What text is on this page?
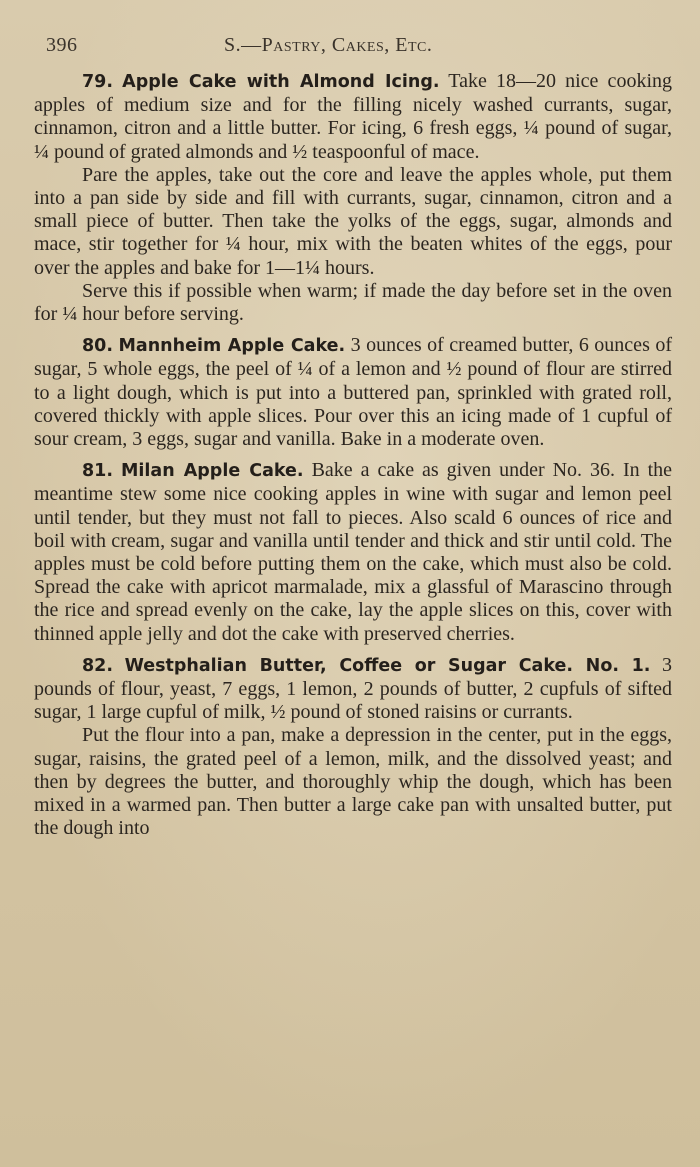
396	S.—Pastry, Cakes, Etc.

79. Apple Cake with Almond Icing. Take 18—20 nice cooking apples of medium size and for the filling nicely washed currants, sugar, cinnamon, citron and a little butter. For icing, 6 fresh eggs, ¼ pound of sugar, ¼ pound of grated almonds and ½ teaspoonful of mace.

Pare the apples, take out the core and leave the apples whole, put them into a pan side by side and fill with currants, sugar, cinnamon, citron and a small piece of butter. Then take the yolks of the eggs, sugar, almonds and mace, stir together for ¼ hour, mix with the beaten whites of the eggs, pour over the apples and bake for 1—1¼ hours.

Serve this if possible when warm; if made the day before set in the oven for ¼ hour before serving.

80. Mannheim Apple Cake. 3 ounces of creamed butter, 6 ounces of sugar, 5 whole eggs, the peel of ¼ of a lemon and ½ pound of flour are stirred to a light dough, which is put into a buttered pan, sprinkled with grated roll, covered thickly with apple slices. Pour over this an icing made of 1 cupful of sour cream, 3 eggs, sugar and vanilla. Bake in a moderate oven.

81. Milan Apple Cake. Bake a cake as given under No. 36. In the meantime stew some nice cooking apples in wine with sugar and lemon peel until tender, but they must not fall to pieces. Also scald 6 ounces of rice and boil with cream, sugar and vanilla until tender and thick and stir until cold. The apples must be cold before putting them on the cake, which must also be cold. Spread the cake with apricot marmalade, mix a glassful of Marascino through the rice and spread evenly on the cake, lay the apple slices on this, cover with thinned apple jelly and dot the cake with preserved cherries.

82. Westphalian Butter, Coffee or Sugar Cake. No. 1. 3 pounds of flour, yeast, 7 eggs, 1 lemon, 2 pounds of butter, 2 cupfuls of sifted sugar, 1 large cupful of milk, ½ pound of stoned raisins or currants.

Put the flour into a pan, make a depression in the center, put in the eggs, sugar, raisins, the grated peel of a lemon, milk, and the dissolved yeast; and then by degrees the butter, and thoroughly whip the dough, which has been mixed in a warmed pan. Then butter a large cake pan with unsalted butter, put the dough into
